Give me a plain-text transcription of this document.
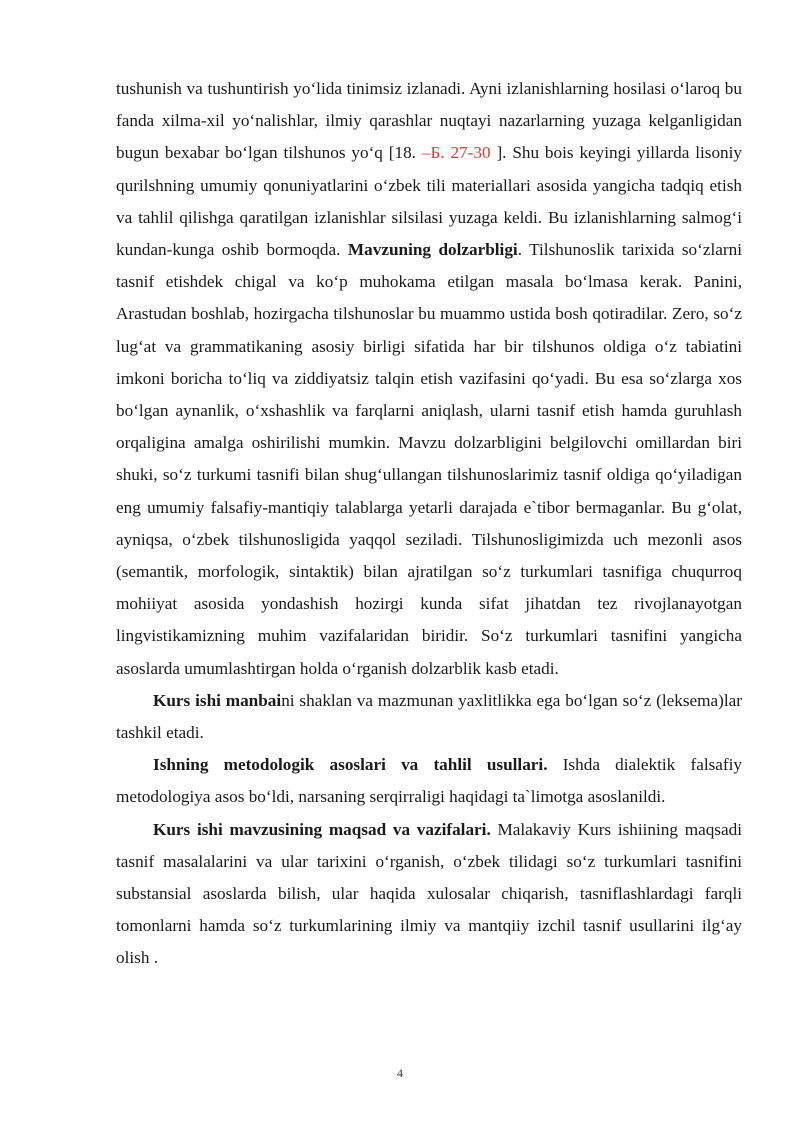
tushunish va tushuntirish yo‘lida tinimsiz izlanadi. Ayni izlanishlarning hosilasi o‘laroq bu fanda xilma-xil yo‘nalishlar, ilmiy qarashlar nuqtayi nazarlarning yuzaga kelganligidan bugun bexabar bo‘lgan tilshunos yo‘q [18. –Б. 27-30 ]. Shu bois keyingi yillarda lisoniy qurilshning umumiy qonuniyatlarini o‘zbek tili materiallari asosida yangicha tadqiq etish va tahlil qilishga qaratilgan izlanishlar silsilasi yuzaga keldi. Bu izlanishlarning salmog‘i kundan-kunga oshib bormoqda. Mavzuning dolzarbligi. Tilshunoslik tarixida so‘zlarni tasnif etishdek chigal va ko‘p muhokama etilgan masala bo‘lmasa kerak. Panini, Arastudan boshlab, hozirgacha tilshunoslar bu muammo ustida bosh qotiradilar. Zero, so‘z lug‘at va grammatikaning asosiy birligi sifatida har bir tilshunos oldiga o‘z tabiatini imkoni boricha to‘liq va ziddiyatsiz talqin etish vazifasini qo‘yadi. Bu esa so‘zlarga xos bo‘lgan aynanlik, o‘xshashlik va farqlarni aniqlash, ularni tasnif etish hamda guruhlash orqaligina amalga oshirilishi mumkin. Mavzu dolzarbligini belgilovchi omillardan biri shuki, so‘z turkumi tasnifi bilan shug‘ullangan tilshunoslarimiz tasnif oldiga qo‘yiladigan eng umumiy falsafiy-mantiqiy talablarga yetarli darajada e`tibor bermaganlar. Bu g‘olat, ayniqsa, o‘zbek tilshunosligida yaqqol seziladi. Tilshunosligimizda uch mezonli asos (semantik, morfologik, sintaktik) bilan ajratilgan so‘z turkumlari tasnifiga chuqurroq mohiiyat asosida yondashish hozirgi kunda sifat jihatdan tez rivojlanayotgan lingvistikamizning muhim vazifalaridan biridir. So‘z turkumlari tasnifini yangicha asoslarda umumlashtirgan holda o‘rganish dolzarblik kasb etadi.

Kurs ishi manbaini shaklan va mazmunan yaxlitlikka ega bo‘lgan so‘z (leksema)lar tashkil etadi.

Ishning metodologik asoslari va tahlil usullari. Ishda dialektik falsafiy metodologiya asos bo‘ldi, narsaning serqirraligi haqidagi ta`limotga asoslanildi.

Kurs ishi mavzusining maqsad va vazifalari. Malakaviy Kurs ishiining maqsadi tasnif masalalarini va ular tarixini o‘rganish, o‘zbek tilidagi so‘z turkumlari tasnifini substansial asoslarda bilish, ular haqida xulosalar chiqarish, tasniflashlardagi farqli tomonlarni hamda so‘z turkumlarining ilmiy va mantqiiy izchil tasnif usullarini ilg‘ay olish .

4
